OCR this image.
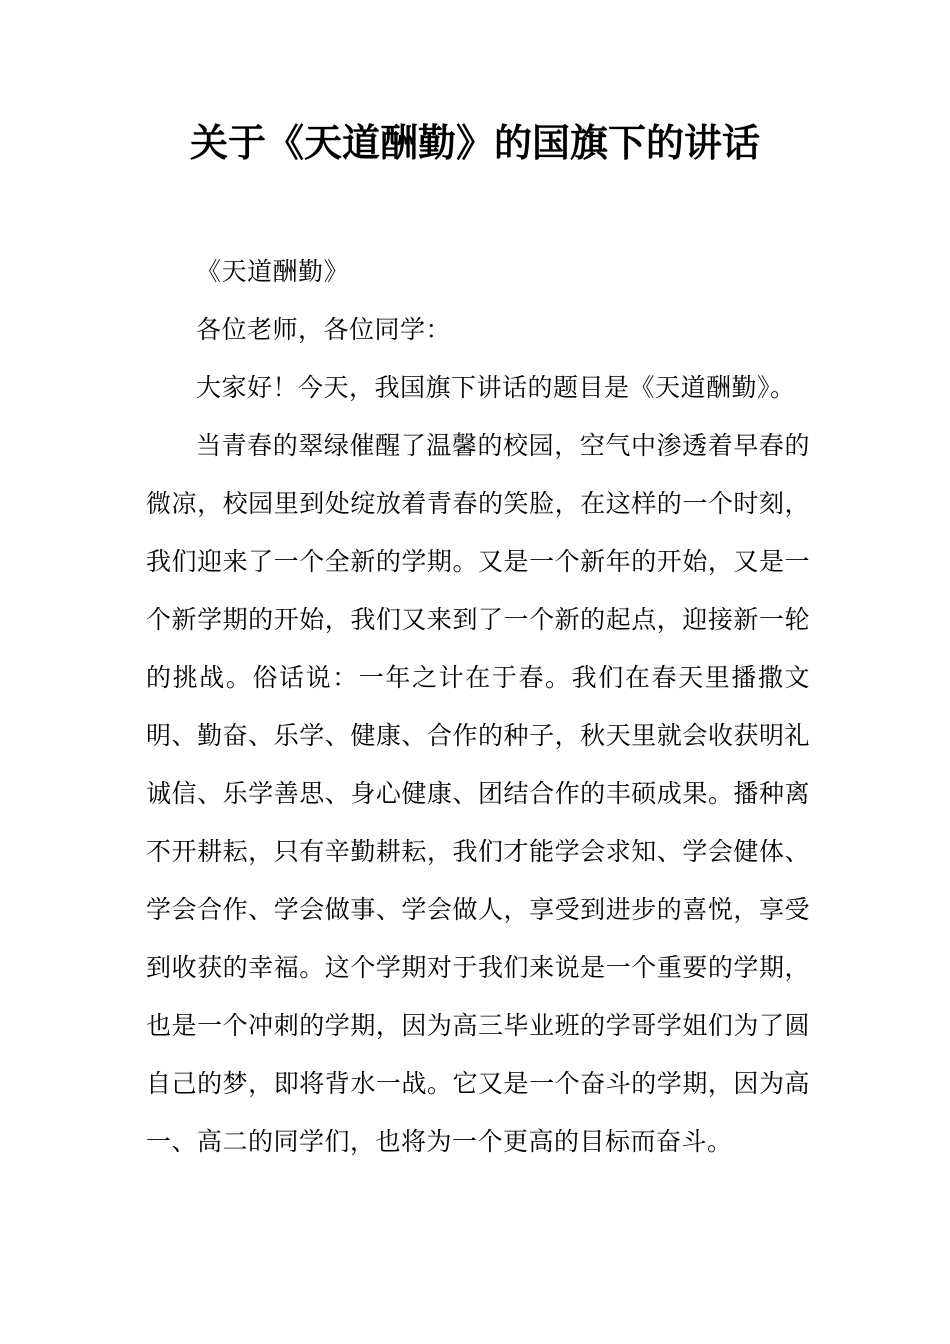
关于《天道酬勤》的国旗下的讲话

《天道酬勤》

各位老师，各位同学：

大家好！今天，我国旗下讲话的题目是《天道酬勤》。

当青春的翠绿催醒了温馨的校园，空气中渗透着早春的微凉，校园里到处绽放着青春的笑脸，在这样的一个时刻，我们迎来了一个全新的学期。又是一个新年的开始，又是一个新学期的开始，我们又来到了一个新的起点，迎接新一轮的挑战。俗话说：一年之计在于春。我们在春天里播撒文明、勤奋、乐学、健康、合作的种子，秋天里就会收获明礼诚信、乐学善思、身心健康、团结合作的丰硕成果。播种离不开耕耘，只有辛勤耕耘，我们才能学会求知、学会健体、学会合作、学会做事、学会做人，享受到进步的喜悦，享受到收获的幸福。这个学期对于我们来说是一个重要的学期，也是一个冲刺的学期，因为高三毕业班的学哥学姐们为了圆自己的梦，即将背水一战。它又是一个奋斗的学期，因为高一、高二的同学们，也将为一个更高的目标而奋斗。
